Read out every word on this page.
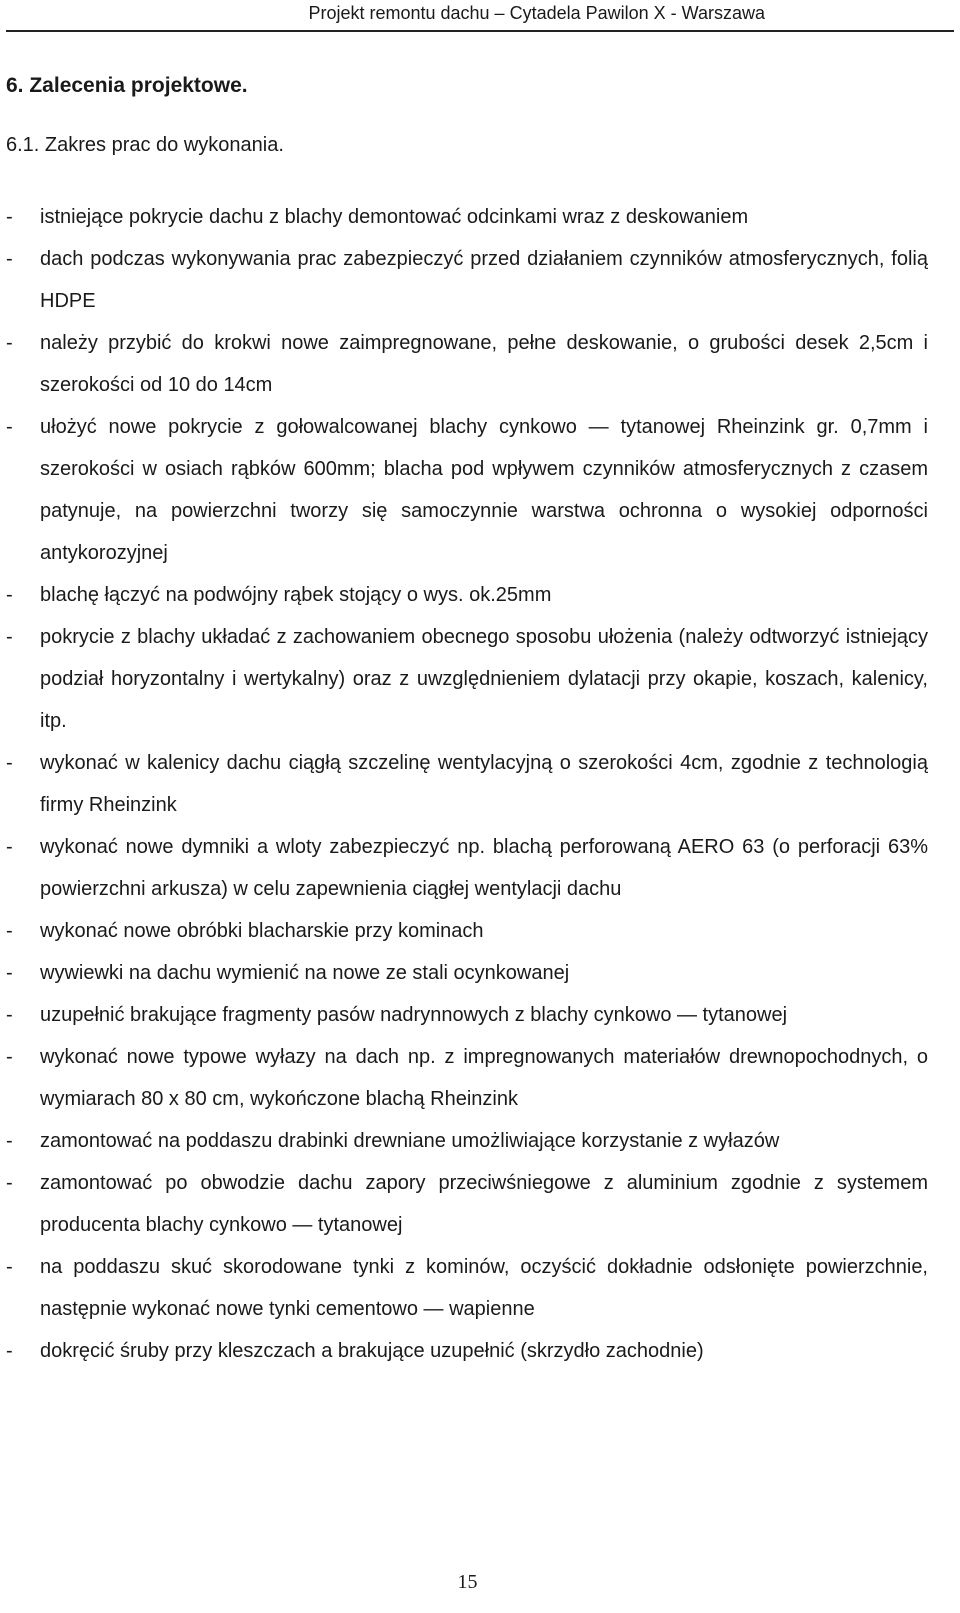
Projekt remontu dachu – Cytadela Pawilon X - Warszawa
6. Zalecenia projektowe.
6.1. Zakres prac do wykonania.
- istniejące pokrycie dachu z blachy demontować odcinkami wraz z deskowaniem
- dach podczas wykonywania prac zabezpieczyć przed działaniem czynników atmosferycznych, folią HDPE
- należy przybić do krokwi nowe zaimpregnowane, pełne deskowanie, o grubości desek 2,5cm i szerokości od 10 do 14cm
- ułożyć nowe pokrycie z gołowalcowanej blachy cynkowo — tytanowej Rheinzink gr. 0,7mm i szerokości w osiach rąbków 600mm; blacha pod wpływem czynników atmosferycznych z czasem patynuje, na powierzchni tworzy się samoczynnie warstwa ochronna o wysokiej odporności antykorozyjnej
- blachę łączyć na podwójny rąbek stojący o wys. ok.25mm
- pokrycie z blachy układać z zachowaniem obecnego sposobu ułożenia (należy odtworzyć istniejący podział horyzontalny i wertykalny) oraz z uwzględnieniem dylatacji przy okapie, koszach, kalenicy, itp.
- wykonać w kalenicy dachu ciągłą szczelinę wentylacyjną o szerokości 4cm, zgodnie z technologią firmy Rheinzink
- wykonać nowe dymniki a wloty zabezpieczyć np. blachą perforowaną AERO 63 (o perforacji 63% powierzchni arkusza) w celu zapewnienia ciągłej wentylacji dachu
- wykonać nowe obróbki blacharskie przy kominach
- wywiewki na dachu wymienić na nowe ze stali ocynkowanej
- uzupełnić brakujące fragmenty pasów nadrynnowych z blachy cynkowo — tytanowej
- wykonać nowe typowe wyłazy na dach np. z impregnowanych materiałów drewnopochodnych, o wymiarach 80 x 80 cm, wykończone blachą Rheinzink
- zamontować na poddaszu drabinki drewniane umożliwiające korzystanie z wyłazów
- zamontować po obwodzie dachu zapory przeciwśniegowe z aluminium zgodnie z systemem producenta blachy cynkowo — tytanowej
- na poddaszu skuć skorodowane tynki z kominów, oczyścić dokładnie odsłonięte powierzchnie, następnie wykonać nowe tynki cementowo — wapienne
- dokręcić śruby przy kleszczach a brakujące uzupełnić (skrzydło zachodnie)
15
